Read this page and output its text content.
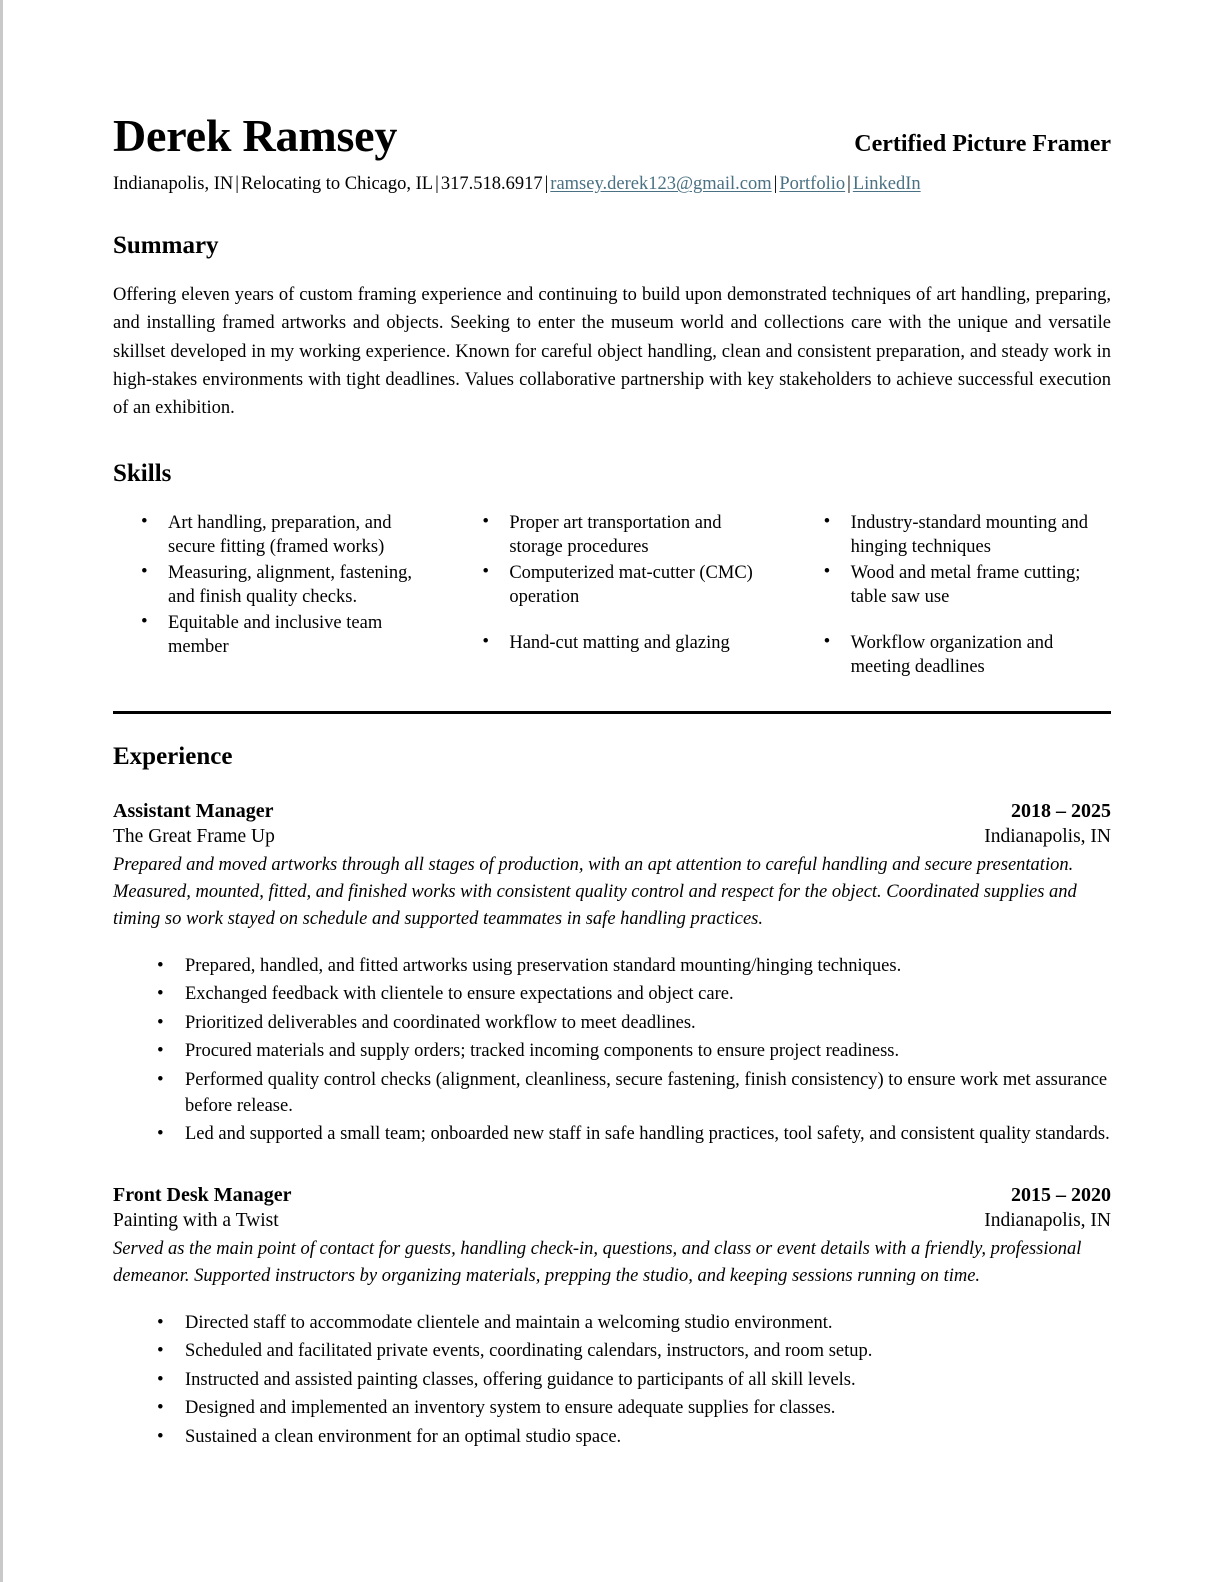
Derek Ramsey	Certified Picture Framer
Indianapolis, IN | Relocating to Chicago, IL | 317.518.6917 | ramsey.derek123@gmail.com | Portfolio | LinkedIn
Summary
Offering eleven years of custom framing experience and continuing to build upon demonstrated techniques of art handling, preparing, and installing framed artworks and objects. Seeking to enter the museum world and collections care with the unique and versatile skillset developed in my working experience. Known for careful object handling, clean and consistent preparation, and steady work in high-stakes environments with tight deadlines. Values collaborative partnership with key stakeholders to achieve successful execution of an exhibition.
Skills
• Art handling, preparation, and secure fitting (framed works)
• Measuring, alignment, fastening, and finish quality checks.
• Equitable and inclusive team member
• Proper art transportation and storage procedures
• Computerized mat-cutter (CMC) operation
• Hand-cut matting and glazing
• Industry-standard mounting and hinging techniques
• Wood and metal frame cutting; table saw use
• Workflow organization and meeting deadlines
Experience
Assistant Manager	2018 – 2025
The Great Frame Up	Indianapolis, IN
Prepared and moved artworks through all stages of production, with an apt attention to careful handling and secure presentation. Measured, mounted, fitted, and finished works with consistent quality control and respect for the object. Coordinated supplies and timing so work stayed on schedule and supported teammates in safe handling practices.
• Prepared, handled, and fitted artworks using preservation standard mounting/hinging techniques.
• Exchanged feedback with clientele to ensure expectations and object care.
• Prioritized deliverables and coordinated workflow to meet deadlines.
• Procured materials and supply orders; tracked incoming components to ensure project readiness.
• Performed quality control checks (alignment, cleanliness, secure fastening, finish consistency) to ensure work met assurance before release.
• Led and supported a small team; onboarded new staff in safe handling practices, tool safety, and consistent quality standards.
Front Desk Manager	2015 – 2020
Painting with a Twist	Indianapolis, IN
Served as the main point of contact for guests, handling check-in, questions, and class or event details with a friendly, professional demeanor. Supported instructors by organizing materials, prepping the studio, and keeping sessions running on time.
• Directed staff to accommodate clientele and maintain a welcoming studio environment.
• Scheduled and facilitated private events, coordinating calendars, instructors, and room setup.
• Instructed and assisted painting classes, offering guidance to participants of all skill levels.
• Designed and implemented an inventory system to ensure adequate supplies for classes.
• Sustained a clean environment for an optimal studio space.
